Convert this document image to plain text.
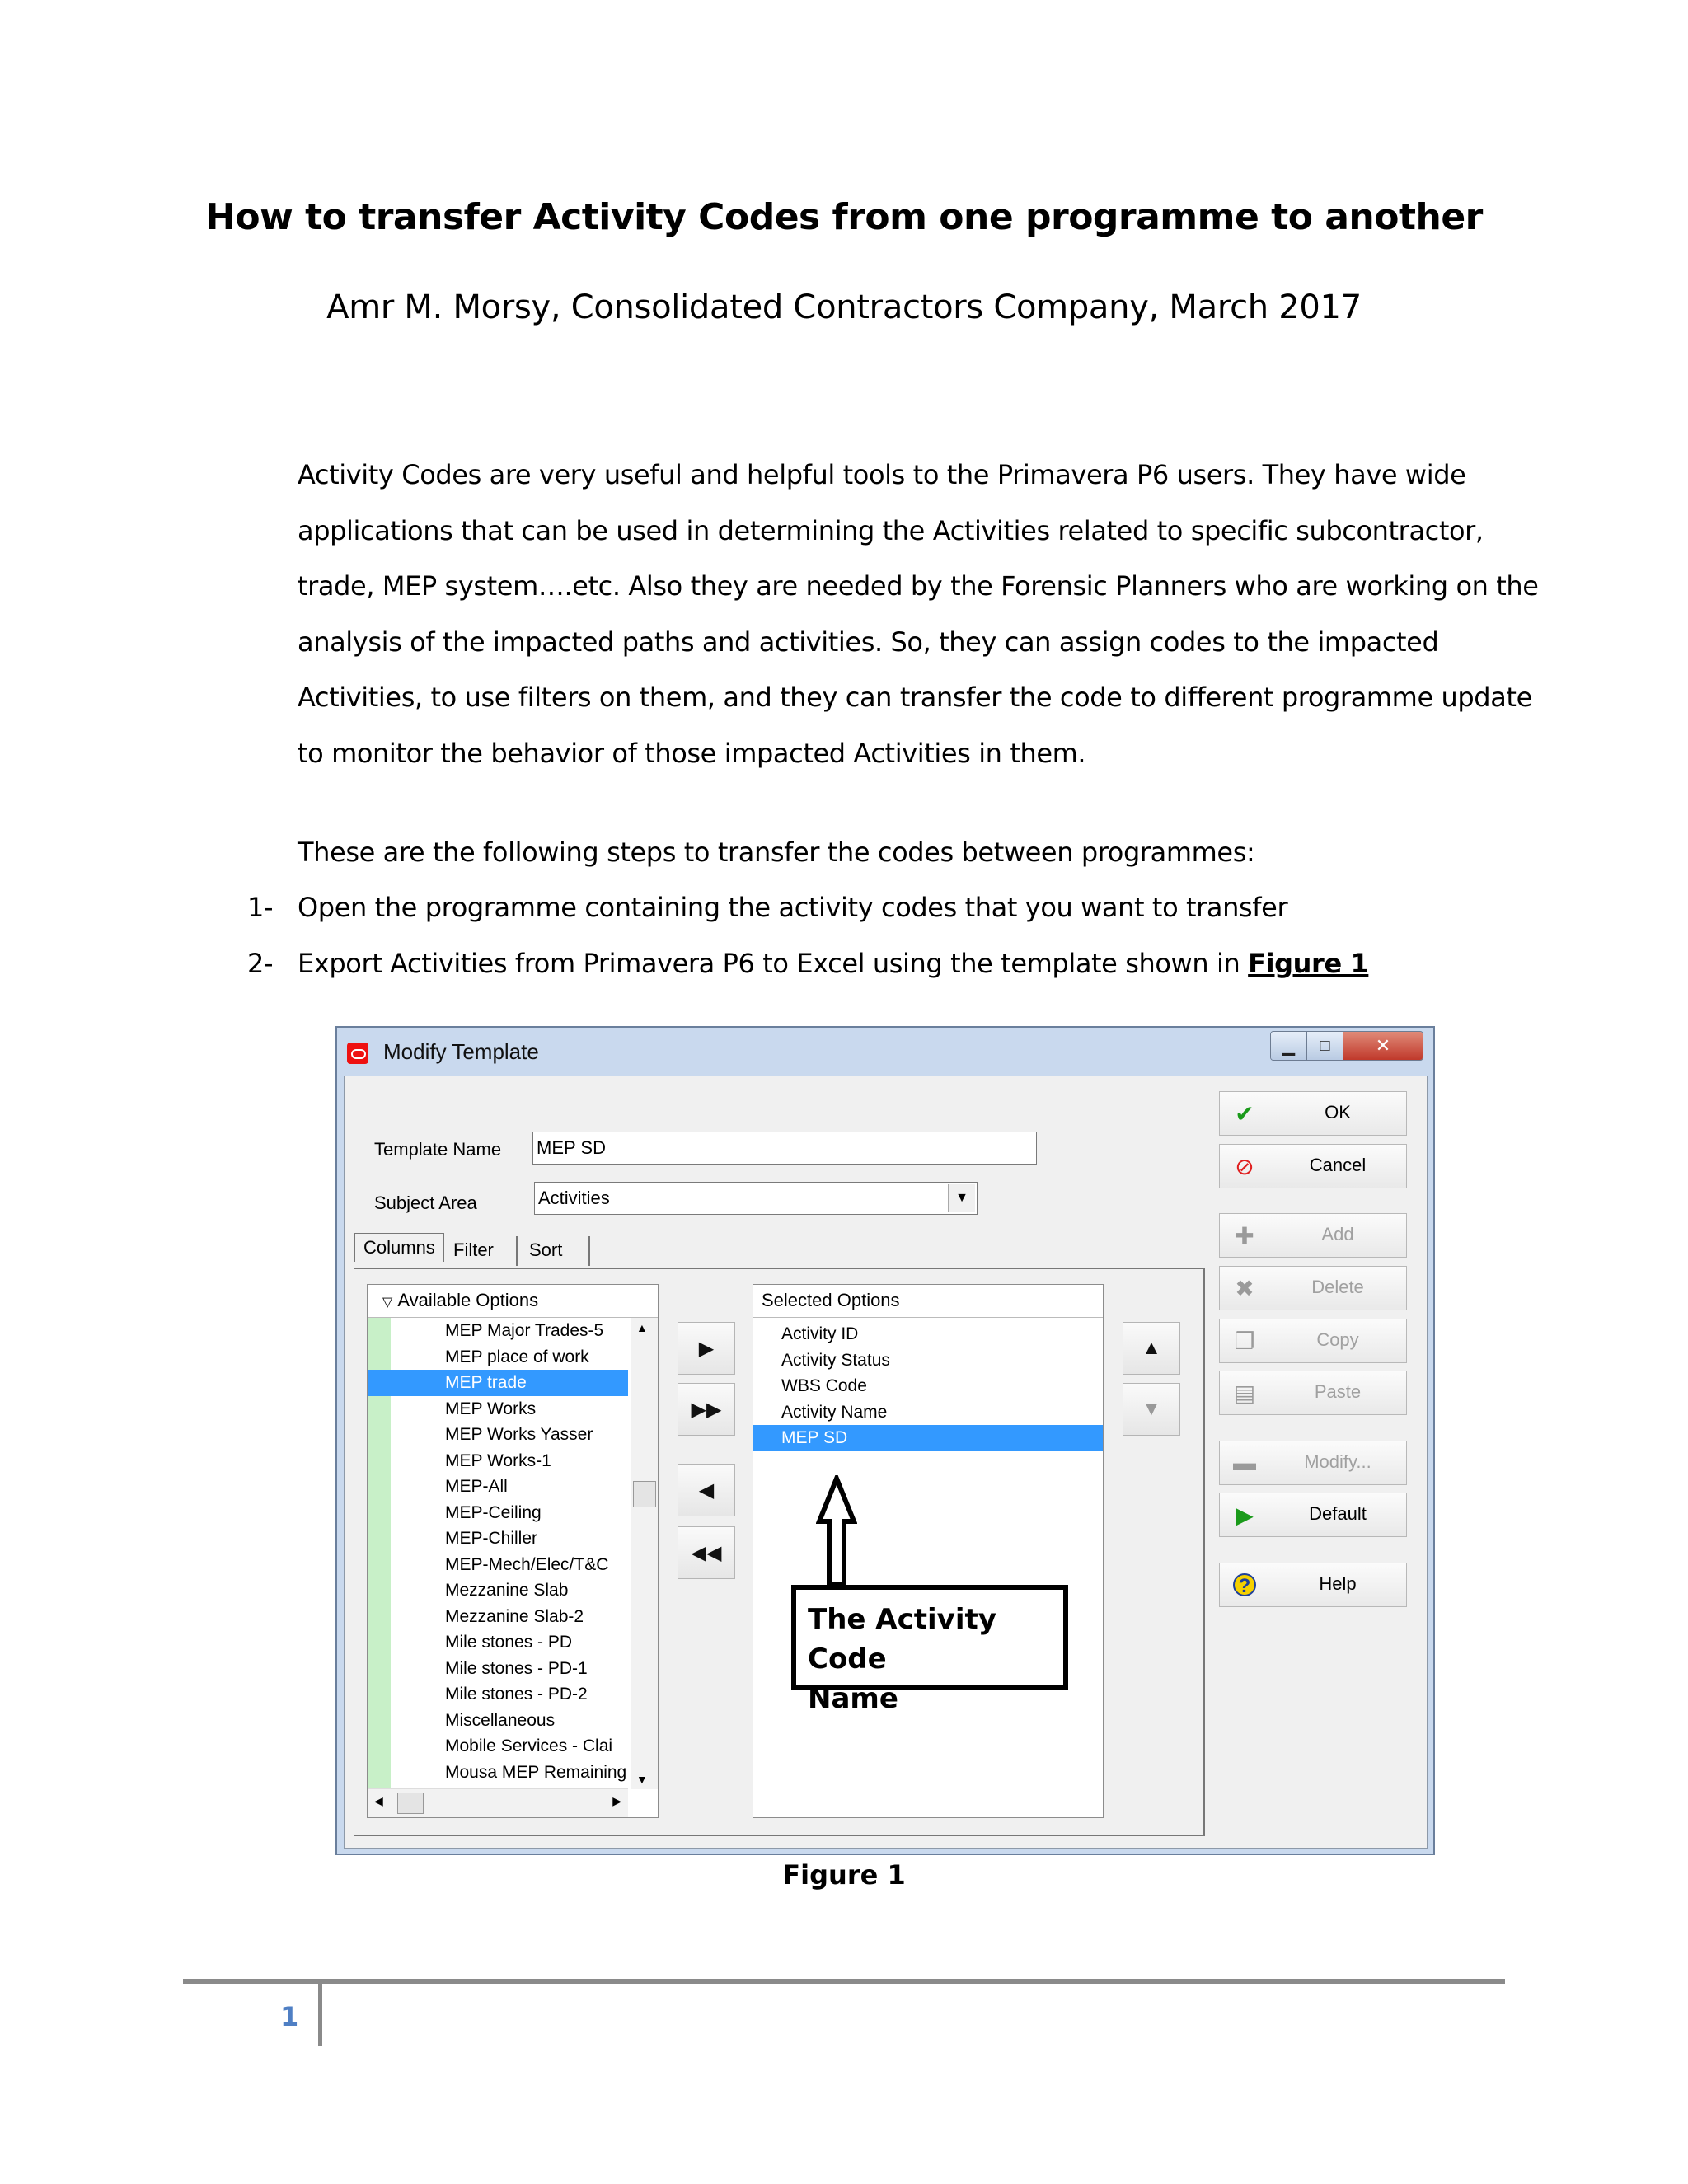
How to transfer Activity Codes from one programme to another
Amr M. Morsy, Consolidated Contractors Company, March 2017
Activity Codes are very useful and helpful tools to the Primavera P6 users. They have wide
applications that can be used in determining the Activities related to specific subcontractor,
trade, MEP system….etc. Also they are needed by the Forensic Planners who are working on the
analysis of the impacted paths and activities. So, they can assign codes to the impacted
Activities, to use filters on them, and they can transfer the code to different programme update
to monitor the behavior of those impacted Activities in them.
These are the following steps to transfer the codes between programmes:
1- Open the programme containing the activity codes that you want to transfer
2- Export Activities from Primavera P6 to Excel using the template shown in Figure 1
Modify Template	▁	□	✕
Template Name MEP SD
Subject Area	Activities	▼
Columns	Filter	Sort
▽ Available Options
MEP Major Trades-5
MEP place of work
MEP trade
MEP Works
MEP Works Yasser
MEP Works-1
MEP-All
MEP-Ceiling
MEP-Chiller
MEP-Mech/Elec/T&C
Mezzanine Slab
Mezzanine Slab-2
Mile stones - PD
Mile stones - PD-1
Mile stones - PD-2
Miscellaneous
Mobile Services - Clai
Mousa MEP Remaining
▲
▼
◀	▶
▶
▶▶
◀
◀◀
Selected Options
Activity ID
Activity Status
WBS Code
Activity Name
MEP SD
▲
▼
The Activity Code
Name
✔	OK
⊘	Cancel
✚	Add
✖	Delete
❐	Copy
▤	Paste
▬	Modify...
▶	Default
?	Help
Figure 1
1
